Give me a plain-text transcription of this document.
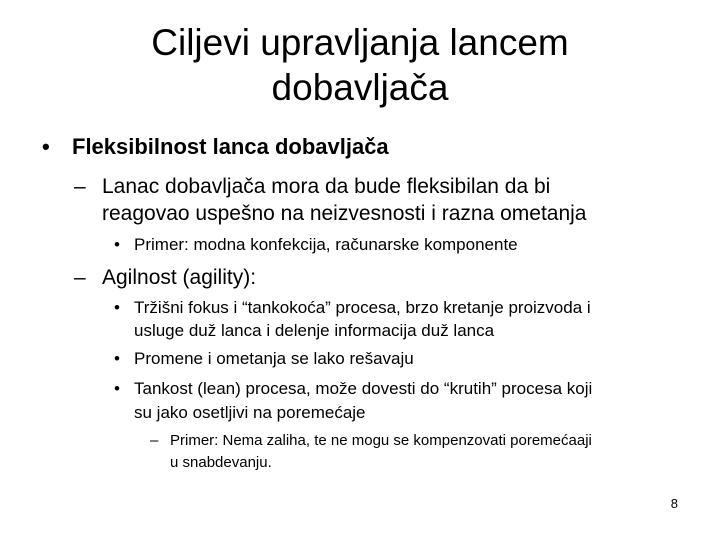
Ciljevi upravljanja lancem
dobavljača
• Fleksibilnost lanca dobavljača
– Lanac dobavljača mora da bude fleksibilan da bi
reagovao uspešno na neizvesnosti i razna ometanja
• Primer: modna konfekcija, računarske komponente
– Agilnost (agility):
• Tržišni fokus i “tankokoća” procesa, brzo kretanje proizvoda i
usluge duž lanca i delenje informacija duž lanca
• Promene i ometanja se lako rešavaju
• Tankost (lean) procesa, može dovesti do “krutih” procesa koji
su jako osetljivi na poremećaje
– Primer: Nema zaliha, te ne mogu se kompenzovati poremećaaji
u snabdevanju.
8
